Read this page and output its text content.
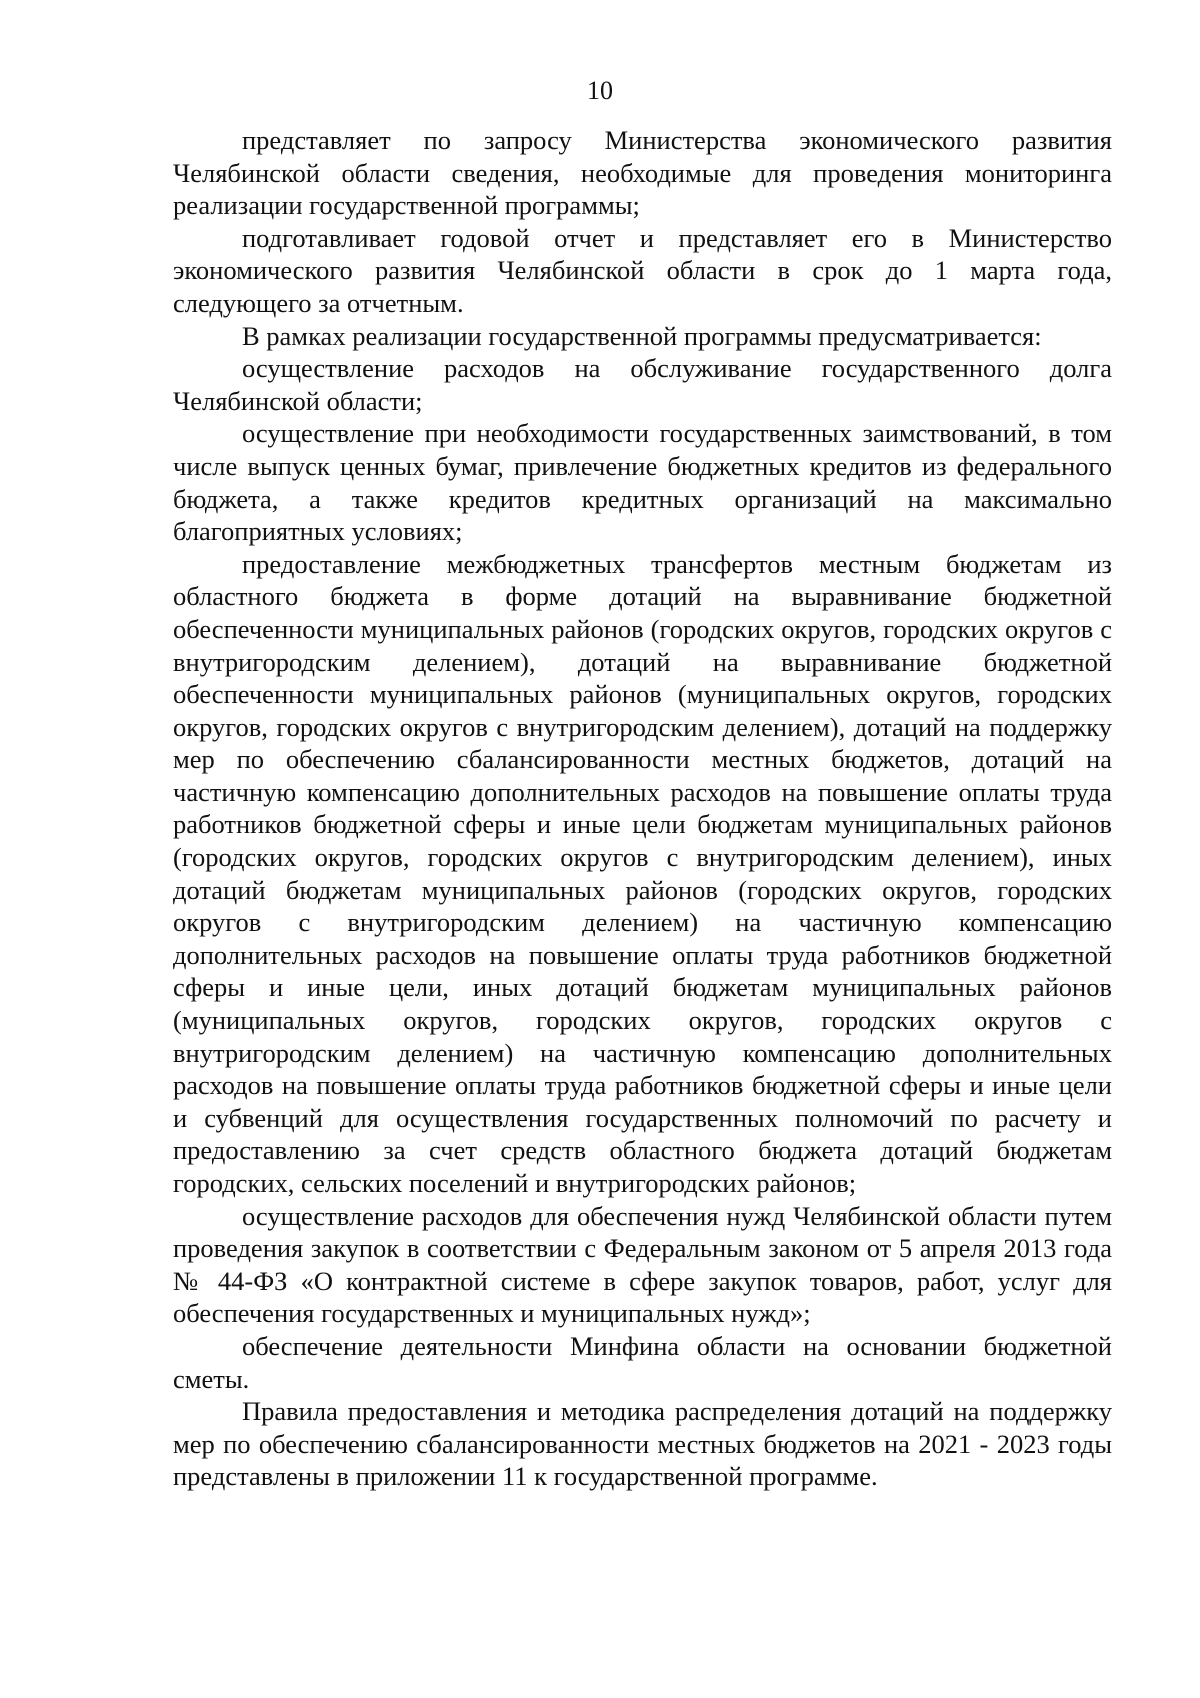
10

представляет по запросу Министерства экономического развития Челябинской области сведения, необходимые для проведения мониторинга реализации государственной программы;

подготавливает годовой отчет и представляет его в Министерство экономического развития Челябинской области в срок до 1 марта года, следующего за отчетным.

В рамках реализации государственной программы предусматривается:

осуществление расходов на обслуживание государственного долга Челябинской области;

осуществление при необходимости государственных заимствований, в том числе выпуск ценных бумаг, привлечение бюджетных кредитов из федерального бюджета, а также кредитов кредитных организаций на максимально благоприятных условиях;

предоставление межбюджетных трансфертов местным бюджетам из областного бюджета в форме дотаций на выравнивание бюджетной обеспеченности муниципальных районов (городских округов, городских округов с внутригородским делением), дотаций на выравнивание бюджетной обеспеченности муниципальных районов (муниципальных округов, городских округов, городских округов с внутригородским делением), дотаций на поддержку мер по обеспечению сбалансированности местных бюджетов, дотаций на частичную компенсацию дополнительных расходов на повышение оплаты труда работников бюджетной сферы и иные цели бюджетам муниципальных районов (городских округов, городских округов с внутригородским делением), иных дотаций бюджетам муниципальных районов (городских округов, городских округов с внутригородским делением) на частичную компенсацию дополнительных расходов на повышение оплаты труда работников бюджетной сферы и иные цели, иных дотаций бюджетам муниципальных районов (муниципальных округов, городских округов, городских округов с внутригородским делением) на частичную компенсацию дополнительных расходов на повышение оплаты труда работников бюджетной сферы и иные цели и субвенций для осуществления государственных полномочий по расчету и предоставлению за счет средств областного бюджета дотаций бюджетам городских, сельских поселений и внутригородских районов;

осуществление расходов для обеспечения нужд Челябинской области путем проведения закупок в соответствии с Федеральным законом от 5 апреля 2013 года № 44-ФЗ «О контрактной системе в сфере закупок товаров, работ, услуг для обеспечения государственных и муниципальных нужд»;

обеспечение деятельности Минфина области на основании бюджетной сметы.

Правила предоставления и методика распределения дотаций на поддержку мер по обеспечению сбалансированности местных бюджетов на 2021 - 2023 годы представлены в приложении 11 к государственной программе.
